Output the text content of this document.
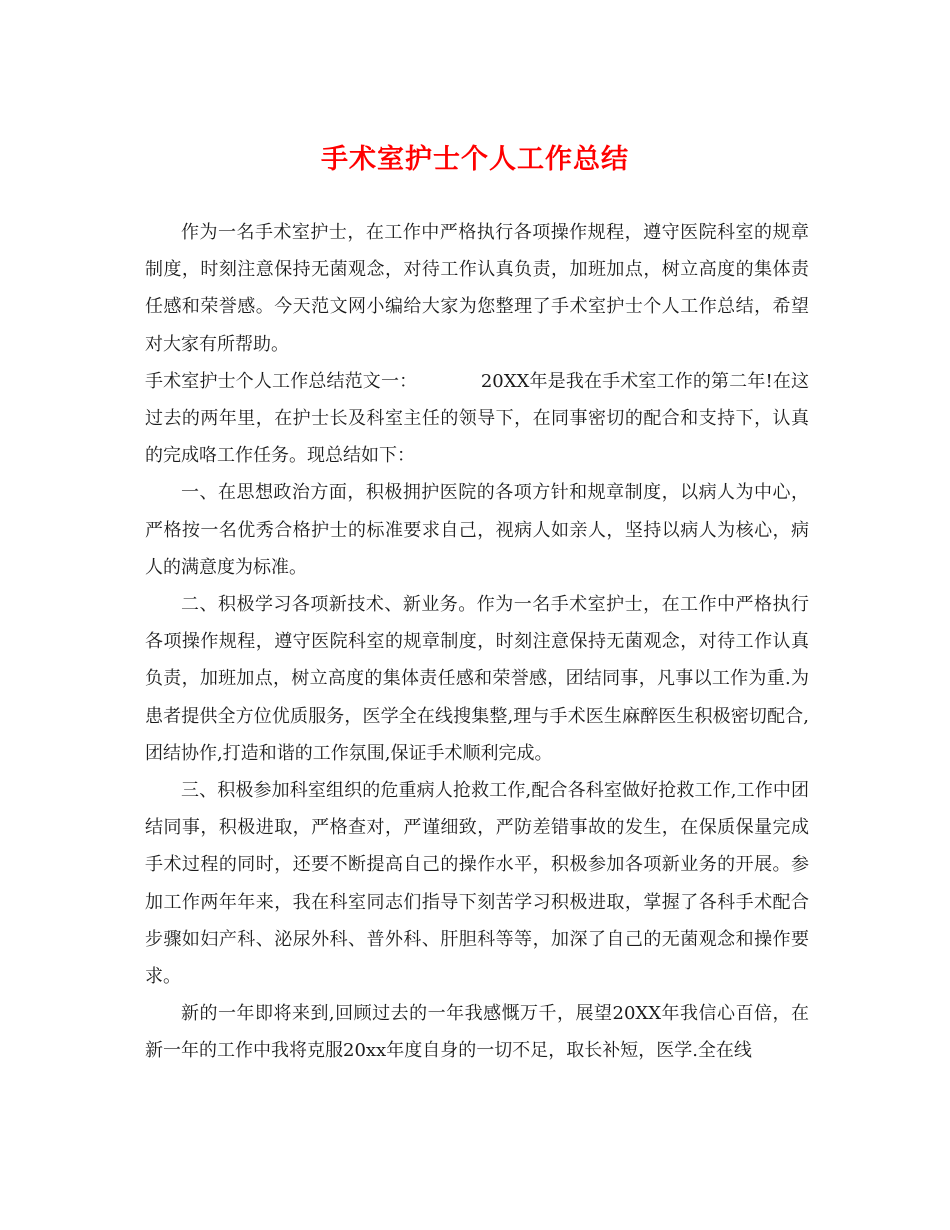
手术室护士个人工作总结

作为一名手术室护士，在工作中严格执行各项操作规程，遵守医院科室的规章制度，时刻注意保持无菌观念，对待工作认真负责，加班加点，树立高度的集体责任感和荣誉感。今天范文网小编给大家为您整理了手术室护士个人工作总结，希望对大家有所帮助。

手术室护士个人工作总结范文一：　　　　20XX年是我在手术室工作的第二年!在这过去的两年里，在护士长及科室主任的领导下，在同事密切的配合和支持下，认真的完成咯工作任务。现总结如下：

一、在思想政治方面，积极拥护医院的各项方针和规章制度，以病人为中心，严格按一名优秀合格护士的标准要求自己，视病人如亲人，坚持以病人为核心，病人的满意度为标准。

二、积极学习各项新技术、新业务。作为一名手术室护士，在工作中严格执行各项操作规程，遵守医院科室的规章制度，时刻注意保持无菌观念，对待工作认真负责，加班加点，树立高度的集体责任感和荣誉感，团结同事，凡事以工作为重.为患者提供全方位优质服务，医学全在线搜集整,理与手术医生麻醉医生积极密切配合,团结协作,打造和谐的工作氛围,保证手术顺利完成。

三、积极参加科室组织的危重病人抢救工作,配合各科室做好抢救工作,工作中团结同事，积极进取，严格查对，严谨细致，严防差错事故的发生，在保质保量完成手术过程的同时，还要不断提高自己的操作水平，积极参加各项新业务的开展。参加工作两年年来，我在科室同志们指导下刻苦学习积极进取，掌握了各科手术配合步骤如妇产科、泌尿外科、普外科、肝胆科等等，加深了自己的无菌观念和操作要求。

新的一年即将来到,回顾过去的一年我感慨万千，展望20XX年我信心百倍，在新一年的工作中我将克服20xx年度自身的一切不足，取长补短，医学.全在线
